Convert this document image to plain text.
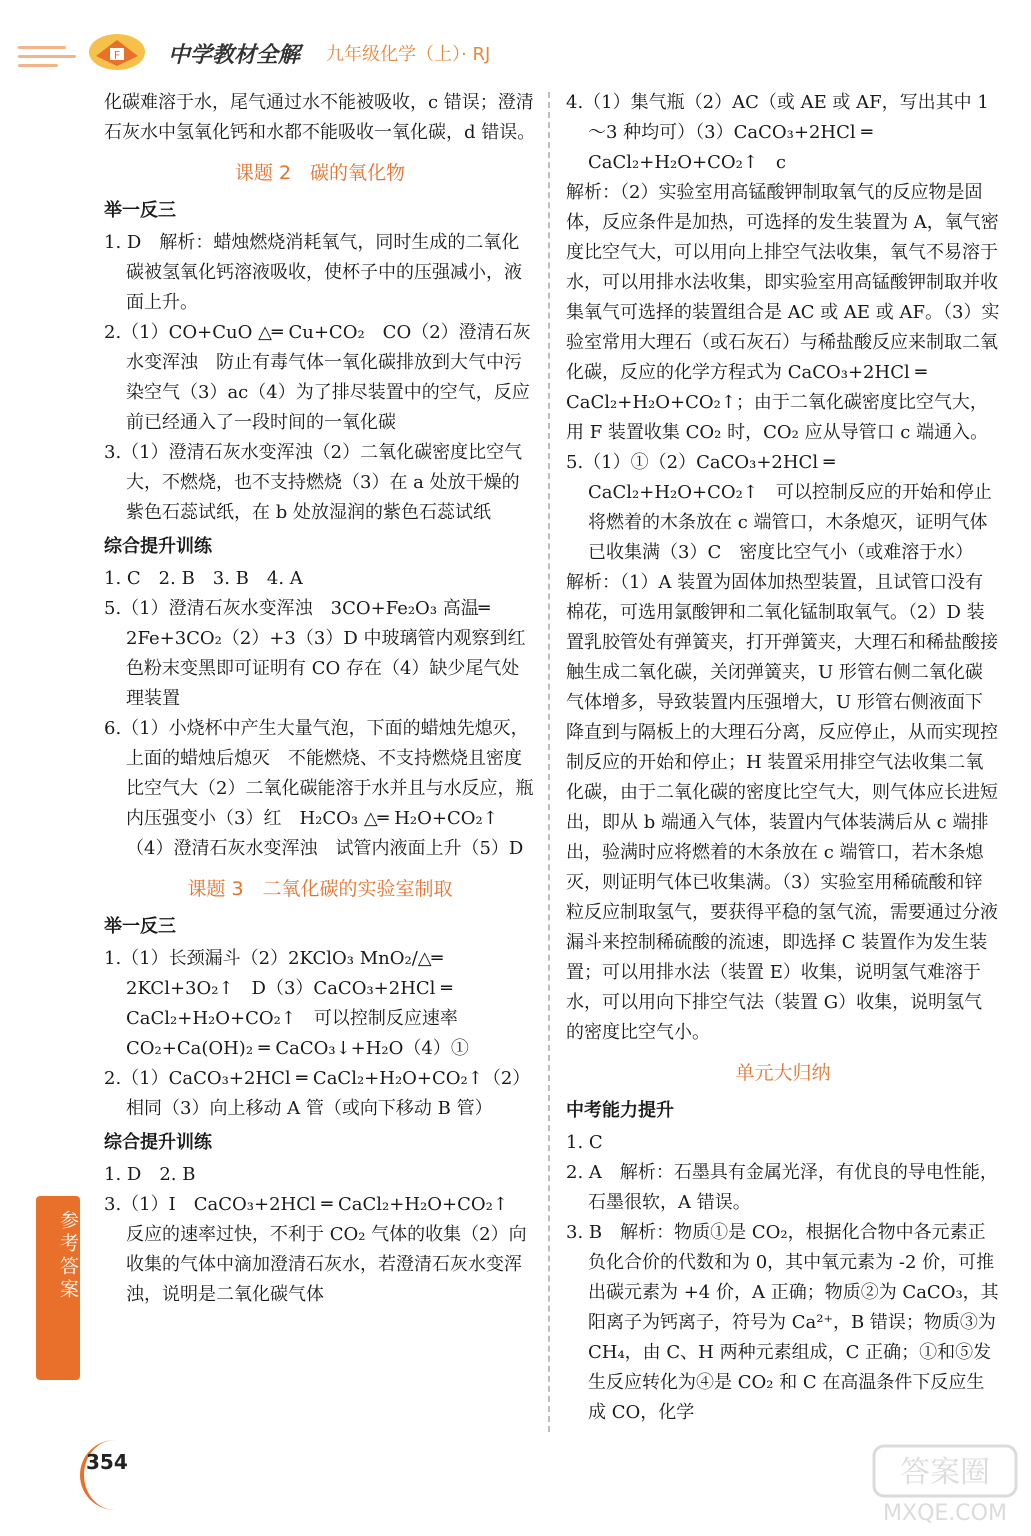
F 中学教材全解 九年级化学（上）· RJ

化碳难溶于水，尾气通过水不能被吸收，c 错误；澄清石灰水中氢氧化钙和水都不能吸收一氧化碳，d 错误。

课题 2　碳的氧化物
举一反三

1. D　解析：蜡烛燃烧消耗氧气，同时生成的二氧化碳被氢氧化钙溶液吸收，使杯子中的压强减小，液面上升。

2.（1）CO+CuO △═ Cu+CO₂　CO（2）澄清石灰水变浑浊　防止有毒气体一氧化碳排放到大气中污染空气（3）ac（4）为了排尽装置中的空气，反应前已经通入了一段时间的一氧化碳

3.（1）澄清石灰水变浑浊（2）二氧化碳密度比空气大，不燃烧，也不支持燃烧（3）在 a 处放干燥的紫色石蕊试纸，在 b 处放湿润的紫色石蕊试纸

综合提升训练

1. C　2. B　3. B　4. A

5.（1）澄清石灰水变浑浊　3CO+Fe₂O₃ 高温═ 2Fe+3CO₂（2）+3（3）D 中玻璃管内观察到红色粉末变黑即可证明有 CO 存在（4）缺少尾气处理装置

6.（1）小烧杯中产生大量气泡，下面的蜡烛先熄灭，上面的蜡烛后熄灭　不能燃烧、不支持燃烧且密度比空气大（2）二氧化碳能溶于水并且与水反应，瓶内压强变小（3）红　H₂CO₃ △═ H₂O+CO₂↑（4）澄清石灰水变浑浊　试管内液面上升（5）D

课题 3　二氧化碳的实验室制取
举一反三

1.（1）长颈漏斗（2）2KClO₃ MnO₂/△═ 2KCl+3O₂↑　D（3）CaCO₃+2HCl ═ CaCl₂+H₂O+CO₂↑　可以控制反应速率　CO₂+Ca(OH)₂ ═ CaCO₃↓+H₂O（4）①

2.（1）CaCO₃+2HCl ═ CaCl₂+H₂O+CO₂↑（2）相同（3）向上移动 A 管（或向下移动 B 管）

综合提升训练

1. D　2. B

3.（1）Ⅰ　CaCO₃+2HCl ═ CaCl₂+H₂O+CO₂↑　反应的速率过快，不利于 CO₂ 气体的收集（2）向收集的气体中滴加澄清石灰水，若澄清石灰水变浑浊，说明是二氧化碳气体

4.（1）集气瓶（2）AC（或 AE 或 AF，写出其中 1～3 种均可）（3）CaCO₃+2HCl ═ CaCl₂+H₂O+CO₂↑　c

解析：（2）实验室用高锰酸钾制取氧气的反应物是固体，反应条件是加热，可选择的发生装置为 A，氧气密度比空气大，可以用向上排空气法收集，氧气不易溶于水，可以用排水法收集，即实验室用高锰酸钾制取并收集氧气可选择的装置组合是 AC 或 AE 或 AF。（3）实验室常用大理石（或石灰石）与稀盐酸反应来制取二氧化碳，反应的化学方程式为 CaCO₃+2HCl ═ CaCl₂+H₂O+CO₂↑；由于二氧化碳密度比空气大，用 F 装置收集 CO₂ 时，CO₂ 应从导管口 c 端通入。

5.（1）①（2）CaCO₃+2HCl ═ CaCl₂+H₂O+CO₂↑　可以控制反应的开始和停止　将燃着的木条放在 c 端管口，木条熄灭，证明气体已收集满（3）C　密度比空气小（或难溶于水）

解析：（1）A 装置为固体加热型装置，且试管口没有棉花，可选用氯酸钾和二氧化锰制取氧气。（2）D 装置乳胶管处有弹簧夹，打开弹簧夹，大理石和稀盐酸接触生成二氧化碳，关闭弹簧夹，U 形管右侧二氧化碳气体增多，导致装置内压强增大，U 形管右侧液面下降直到与隔板上的大理石分离，反应停止，从而实现控制反应的开始和停止；H 装置采用排空气法收集二氧化碳，由于二氧化碳的密度比空气大，则气体应长进短出，即从 b 端通入气体，装置内气体装满后从 c 端排出，验满时应将燃着的木条放在 c 端管口，若木条熄灭，则证明气体已收集满。（3）实验室用稀硫酸和锌粒反应制取氢气，要获得平稳的氢气流，需要通过分液漏斗来控制稀硫酸的流速，即选择 C 装置作为发生装置；可以用排水法（装置 E）收集，说明氢气难溶于水，可以用向下排空气法（装置 G）收集，说明氢气的密度比空气小。

单元大归纳
中考能力提升

1. C

2. A　解析：石墨具有金属光泽，有优良的导电性能，石墨很软，A 错误。

3. B　解析：物质①是 CO₂，根据化合物中各元素正负化合价的代数和为 0，其中氧元素为 -2 价，可推出碳元素为 +4 价，A 正确；物质②为 CaCO₃，其阳离子为钙离子，符号为 Ca²⁺，B 错误；物质③为 CH₄，由 C、H 两种元素组成，C 正确；①和⑤发生反应转化为④是 CO₂ 和 C 在高温条件下反应生成 CO，化学

参考答案
354	答案圈
MXQE.COM
